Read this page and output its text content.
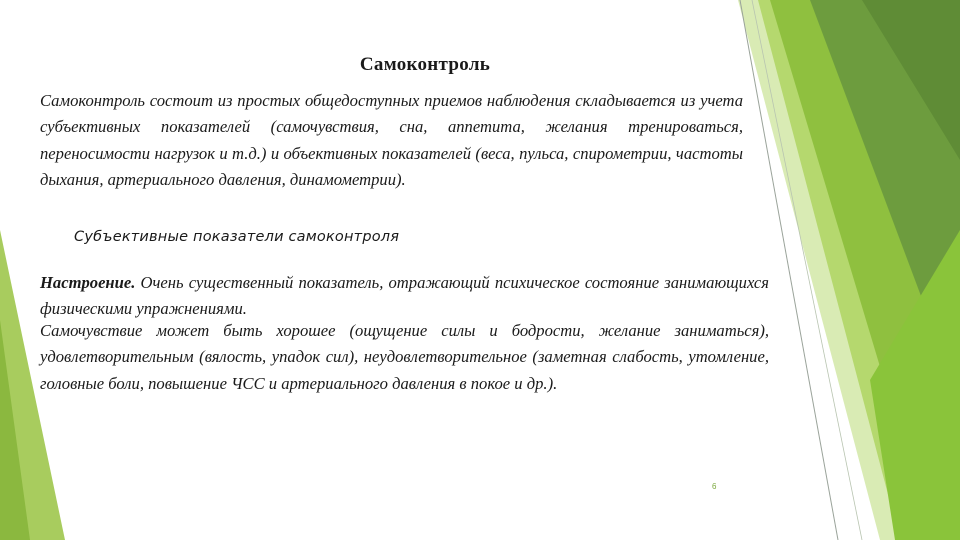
Самоконтроль

Самоконтроль состоит из простых общедоступных приемов наблюдения складывается из учета субъективных показателей (самочувствия, сна, аппетита, желания тренироваться, переносимости нагрузок и т.д.) и объективных показателей (веса, пульса, спирометрии, частоты дыхания, артериального давления, динамометрии).

Субъективные показатели самоконтроля

Настроение. Очень существенный показатель, отражающий психическое состояние занимающихся физическими упражнениями.

Самочувствие может быть хорошее (ощущение силы и бодрости, желание заниматься), удовлетворительным (вялость, упадок сил), неудовлетворительное (заметная слабость, утомление, головные боли, повышение ЧСС и артериального давления в покое и др.).

6
